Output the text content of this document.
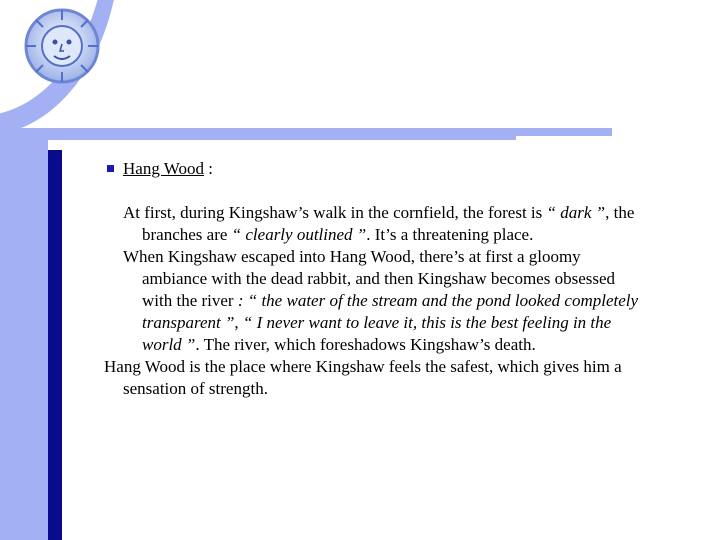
Hang Wood :
At first, during Kingshaw’s walk in the cornfield, the forest is “ dark ”, the branches are “ clearly outlined ”. It’s a threatening place.
When Kingshaw escaped into Hang Wood, there’s at first a gloomy ambiance with the dead rabbit, and then Kingshaw becomes obsessed with the river : “ the water of the stream and the pond looked completely transparent ”, “ I never want to leave it, this is the best feeling in the world ”. The river, which foreshadows Kingshaw’s death.
Hang Wood is the place where Kingshaw feels the safest, which gives him a sensation of strength.
